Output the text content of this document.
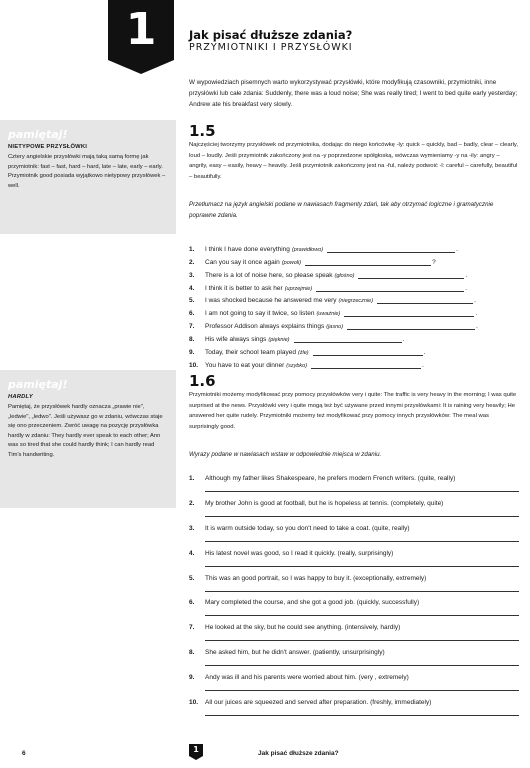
1	Jak pisać dłuższe zdania?
PRZYMIOTNIKI I PRZYSŁÓWKI

W wypowiedziach pisemnych warto wykorzystywać przysłówki, które modyfikują czasowniki, przymiotniki, inne przysłówki lub całe zdania: Suddenly, there was a loud noise; She was really tired; I went to bed quite early yesterday; Andrew ate his breakfast very slowly.

pamiętaj!
NIETYPOWE PRZYSŁÓWKI
Cztery angielskie przysłówki mają taką samą formę jak przymiotnik: fast – fast, hard – hard, late – late, early – early. Przymiotnik good posiada wyjątkowo nietypowy przysłówek – well.
1.5
Najczęściej tworzymy przysłówek od przymiotnika, dodając do niego końcówkę -ly: quick – quickly, bad – badly, clear – clearly, loud – loudly. Jeśli przymiotnik zakończony jest na -y poprzedzone spółgłoską, wówczas wymieniamy -y na -ily: angry – angrily, easy – easily, heavy – heavily. Jeśli przymiotnik zakończony jest na -ful, należy podwoić -l: careful – carefully, beautiful – beautifully.
Przetłumacz na język angielski podane w nawiasach fragmenty zdań, tak aby otrzymać logiczne i gramatycznie poprawne zdania.
1.	I think I have done everything (prawidłowo)	.
2.	Can you say it once again (powoli)	?
3.	There is a lot of noise here, so please speak (głośno)	.
4.	I think it is better to ask her (uprzejmie)	.
5.	I was shocked because he answered me very (niegrzecznie)	.
6.	I am not going to say it twice, so listen (uważnie)	.
7.	Professor Addison always explains things (jasno)	.
8.	His wife always sings (pięknie)	.
9.	Today, their school team played (źle)	.
10.	You have to eat your dinner (szybko)	.
pamiętaj!
HARDLY
Pamiętaj, że przysłówek hardly oznacza „prawie nie", „ledwie", „ledwo". Jeśli używasz go w zdaniu, wówczas staje się ono przeczeniem. Zwróć uwagę na pozycję przysłówka hardly w zdaniu: They hardly ever speak to each other; Ann was so tired that she could hardly think; I can hardly read Tim's handwriting.
1.6
Przymiotniki możemy modyfikować przy pomocy przysłówków very i quite: The traffic is very heavy in the morning; I was quite surprised at the news. Przysłówki very i quite mogą też być używane przed innymi przysłówkami: It is raining very heavily; He answered her quite rudely. Przymiotniki możemy też modyfikować przy pomocy innych przysłówków: The meal was surprisingly good.
Wyrazy podane w nawiasach wstaw w odpowiednie miejsca w zdaniu.
1.	Although my father likes Shakespeare, he prefers modern French writers. (quite, really)
2.	My brother John is good at football, but he is hopeless at tennis. (completely, quite)
3.	It is warm outside today, so you don't need to take a coat. (quite, really)
4.	His latest novel was good, so I read it quickly. (really, surprisingly)
5.	This was an good portrait, so I was happy to buy it. (exceptionally, extremely)
6.	Mary completed the course, and she got a good job. (quickly, successfully)
7.	He looked at the sky, but he could see anything. (intensively, hardly)
8.	She asked him, but he didn't answer. (patiently, unsurprisingly)
9.	Andy was ill and his parents were worried about him. (very , extremely)
10.	All our juices are squeezed and served after preparation. (freshly, immediately)
6	1	Jak pisać dłuższe zdania?
